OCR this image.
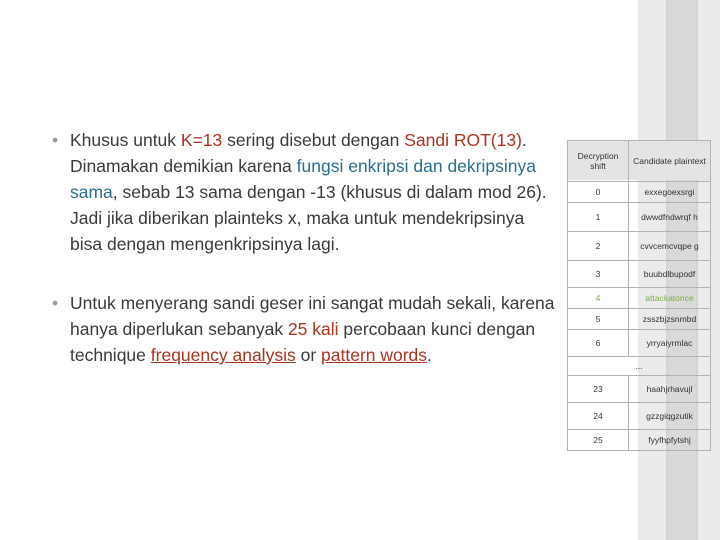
• Khusus untuk K=13 sering disebut dengan Sandi ROT(13). Dinamakan demikian karena fungsi enkripsi dan dekripsinya sama, sebab 13 sama dengan -13 (khusus di dalam mod 26). Jadi jika diberikan plainteks x, maka untuk mendekripsinya bisa dengan mengenkripsinya lagi.
• Untuk menyerang sandi geser ini sangat mudah sekali, karena hanya diperlukan sebanyak 25 kali percobaan kunci dengan technique frequency analysis or pattern words.
Decryption shift	Candidate plaintext
0	exxegoexsrgi
1	dwwdfndwrqf h
2	cvvcemcvqpe g
3	buubdlbupodf
4	attackatonce
5	zsszbjzsnmbd
6	yrryaiyrmlac
...	
23	haahjrhavujl
24	gzzgiqgzutik
25	fyyfhpfytshj
